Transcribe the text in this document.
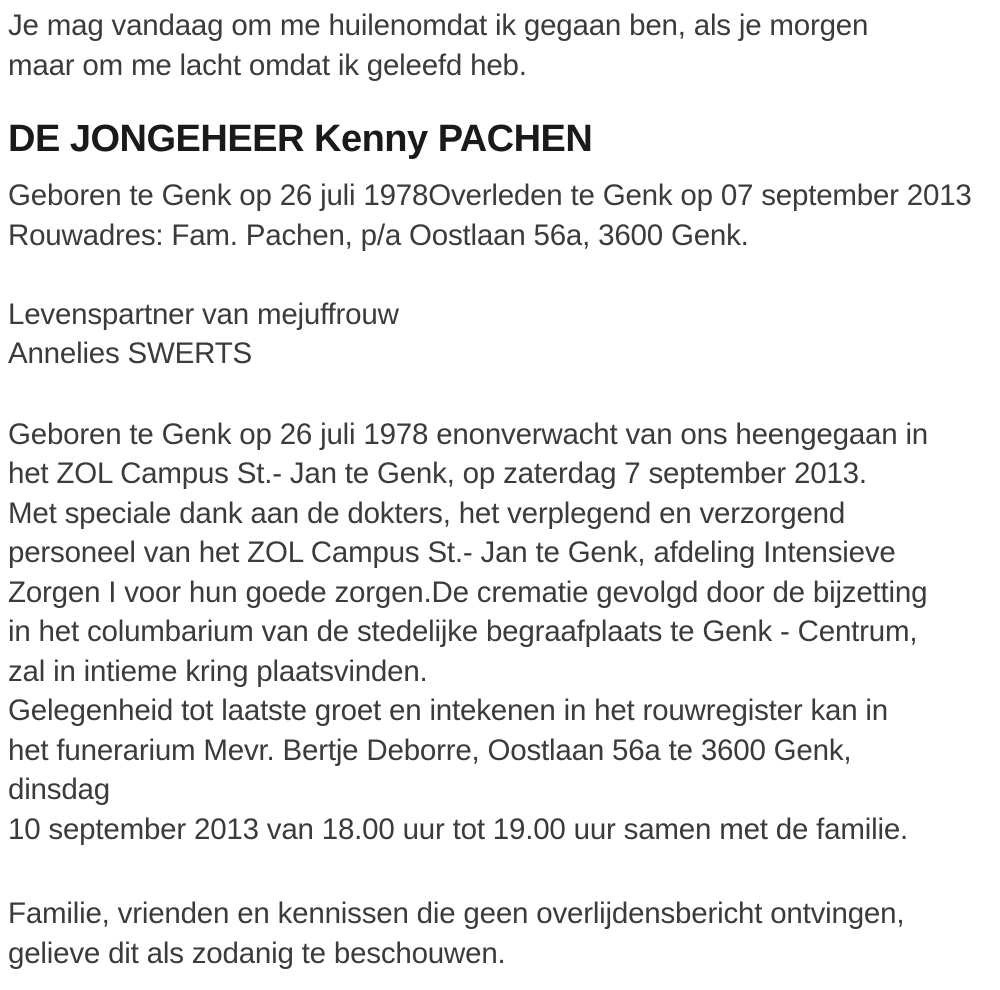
Je mag vandaag om me huilenomdat ik gegaan ben, als je morgen
maar om me lacht omdat ik geleefd heb.
DE JONGEHEER Kenny PACHEN
Geboren te Genk op 26 juli 1978Overleden te Genk op 07 september 2013
Rouwadres: Fam. Pachen, p/a Oostlaan 56a, 3600 Genk.
Levenspartner van mejuffrouw
Annelies SWERTS
Geboren te Genk op 26 juli 1978 enonverwacht van ons heengegaan in
het ZOL Campus St.- Jan te Genk, op zaterdag 7 september 2013.
Met speciale dank aan de dokters, het verplegend en verzorgend
personeel van het ZOL Campus St.- Jan te Genk, afdeling Intensieve
Zorgen I voor hun goede zorgen.De crematie gevolgd door de bijzetting
in het columbarium van de stedelijke begraafplaats te Genk - Centrum,
zal in intieme kring plaatsvinden.
Gelegenheid tot laatste groet en intekenen in het rouwregister kan in
het funerarium Mevr. Bertje Deborre, Oostlaan 56a te 3600 Genk,
dinsdag
10 september 2013 van 18.00 uur tot 19.00 uur samen met de familie.
Familie, vrienden en kennissen die geen overlijdensbericht ontvingen,
gelieve dit als zodanig te beschouwen.
